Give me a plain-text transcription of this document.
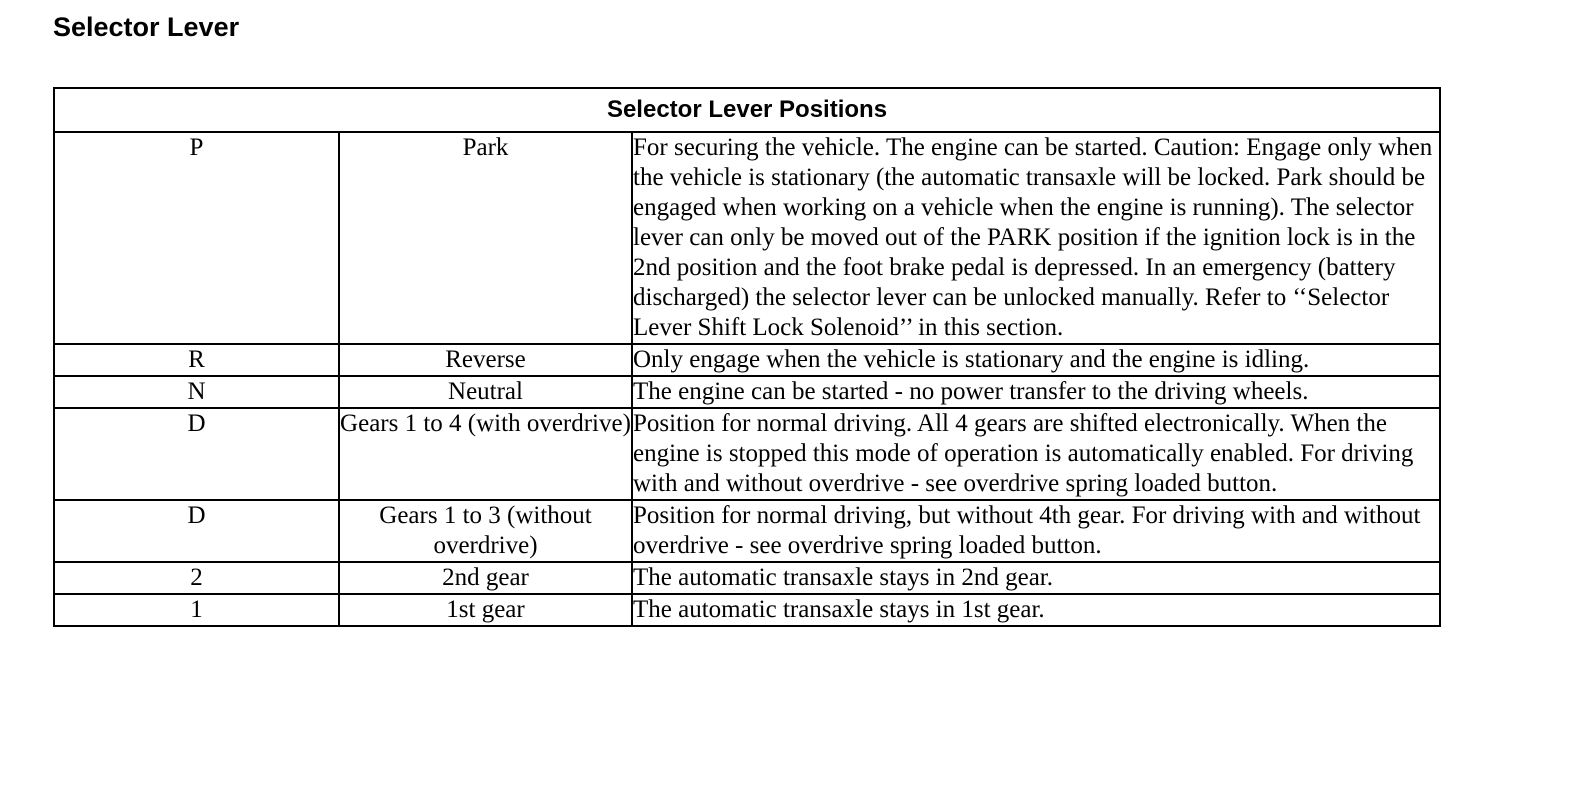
Selector Lever
Selector Lever Positions		
P	Park	For securing the vehicle. The engine can be started. Caution: Engage only when the vehicle is stationary (the automatic transaxle will be locked. Park should be engaged when working on a vehicle when the engine is running). The selector lever can only be moved out of the PARK position if the ignition lock is in the 2nd position and the foot brake pedal is depressed. In an emergency (battery discharged) the selector lever can be unlocked manually. Refer to ‘‘Selector Lever Shift Lock Solenoid’’ in this section.
R	Reverse	Only engage when the vehicle is stationary and the engine is idling.
N	Neutral	The engine can be started - no power transfer to the driving wheels.
D	Gears 1 to 4 (with overdrive)	Position for normal driving. All 4 gears are shifted electronically. When the engine is stopped this mode of operation is automatically enabled. For driving with and without overdrive - see overdrive spring loaded button.
D	Gears 1 to 3 (without overdrive)	Position for normal driving, but without 4th gear. For driving with and without overdrive - see overdrive spring loaded button.
2	2nd gear	The automatic transaxle stays in 2nd gear.
1	1st gear	The automatic transaxle stays in 1st gear.
